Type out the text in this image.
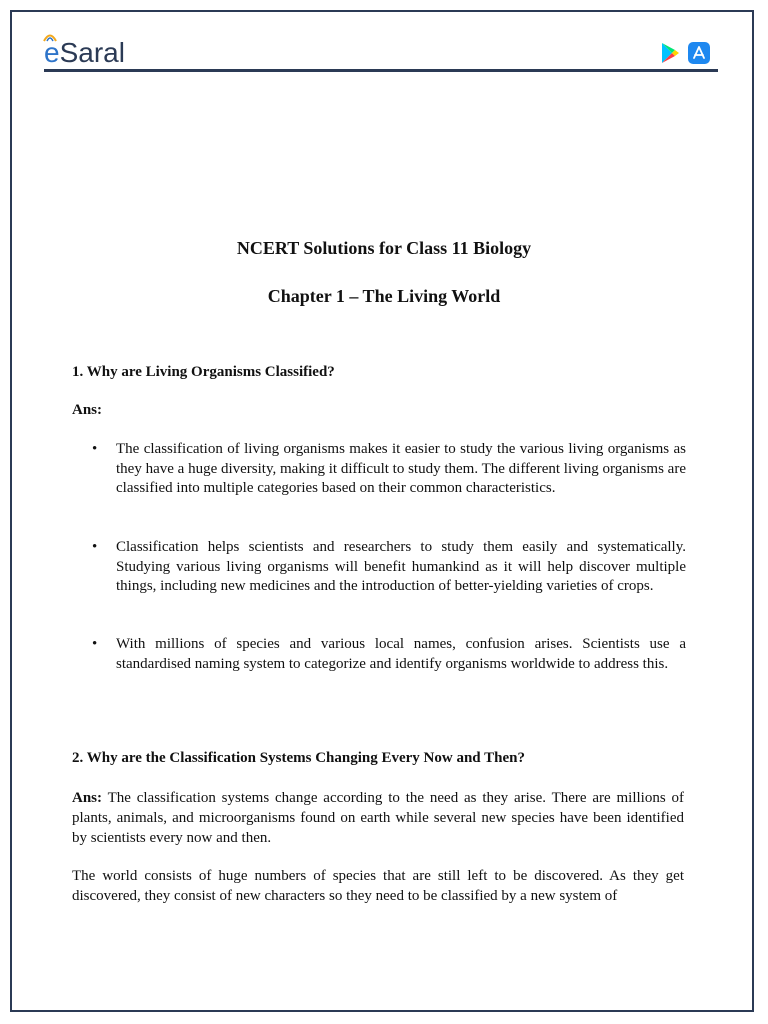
e Saral
NCERT Solutions for Class 11 Biology
Chapter 1 – The Living World
1. Why are Living Organisms Classified?
Ans:
• The classification of living organisms makes it easier to study the various living organisms as they have a huge diversity, making it difficult to study them. The different living organisms are classified into multiple categories based on their common characteristics.
• Classification helps scientists and researchers to study them easily and systematically. Studying various living organisms will benefit humankind as it will help discover multiple things, including new medicines and the introduction of better-yielding varieties of crops.
• With millions of species and various local names, confusion arises. Scientists use a standardised naming system to categorize and identify organisms worldwide to address this.
2. Why are the Classification Systems Changing Every Now and Then?
Ans: The classification systems change according to the need as they arise. There are millions of plants, animals, and microorganisms found on earth while several new species have been identified by scientists every now and then.
The world consists of huge numbers of species that are still left to be discovered. As they get discovered, they consist of new characters so they need to be classified by a new system of
